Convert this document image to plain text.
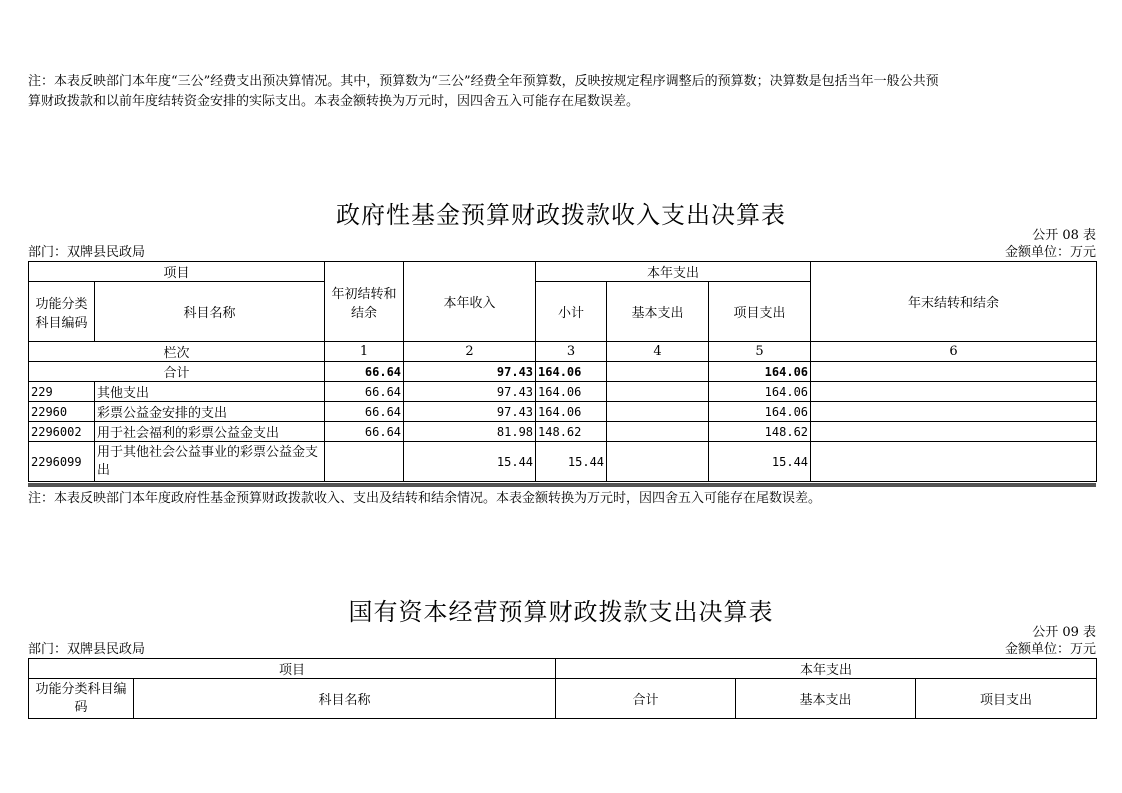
注：本表反映部门本年度“三公”经费支出预决算情况。其中，预算数为“三公”经费全年预算数，反映按规定程序调整后的预算数；决算数是包括当年一般公共预
算财政拨款和以前年度结转资金安排的实际支出。本表金额转换为万元时，因四舍五入可能存在尾数误差。
政府性基金预算财政拨款收入支出决算表
公开 08 表
部门：双牌县民政局	金额单位：万元
项目		年初结转和结余	本年收入	本年支出			年末结转和结余
功能分类科目编码	科目名称			小计	基本支出	项目支出	
栏次		1	2	3	4	5	6
合计		66.64	97.43	164.06		164.06	
229	其他支出	66.64	97.43	164.06		164.06	
22960	彩票公益金安排的支出	66.64	97.43	164.06		164.06	
2296002	用于社会福利的彩票公益金支出	66.64	81.98	148.62		148.62	
2296099	用于其他社会公益事业的彩票公益金支出		15.44	15.44		15.44	
注：本表反映部门本年度政府性基金预算财政拨款收入、支出及结转和结余情况。本表金额转换为万元时，因四舍五入可能存在尾数误差。
国有资本经营预算财政拨款支出决算表
公开 09 表
部门：双牌县民政局	金额单位：万元
项目		本年支出		
功能分类科目编码	科目名称	合计	基本支出	项目支出
